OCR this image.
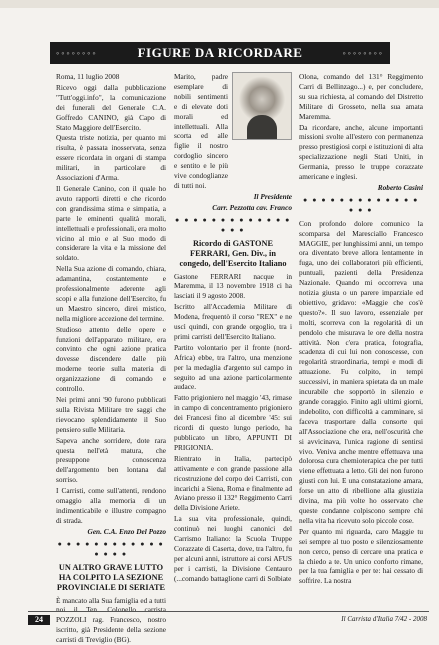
◦◦◦◦◦◦◦◦	FIGURE DA RICORDARE	◦◦◦◦◦◦◦◦

Roma, 11 luglio 2008

Ricevo oggi dalla pubblicazione "Tutt'oggi.info", la comunicazione dei funerali del Generale C.A. Goffredo CANINO, già Capo di Stato Maggiore dell'Esercito.

Questa triste notizia, per quanto mi risulta, è passata inosservata, senza essere ricordata in organi di stampa militari, in particolare di Associazioni d'Arma.

Il Generale Canino, con il quale ho avuto rapporti diretti e che ricordo con grandissima stima e simpatia, a parte le eminenti qualità morali, intellettuali e professionali, era molto vicino al mio e al Suo modo di considerare la vita e la missione del soldato.

Nella Sua azione di comando, chiara, adamantina, costantemente e professionalmente aderente agli scopi e alla funzione dell'Esercito, fu un Maestro sincero, direi mistico, nella migliore accezione del termine.

Studioso attento delle opere e funzioni dell'apparato militare, era convinto che ogni azione pratica dovesse discendere dalle più moderne teorie sulla materia di organizzazione di comando e controllo.

Nei primi anni '90 furono pubblicati sulla Rivista Militare tre saggi che rievocano splendidamente il Suo pensiero sulle Militaria.

Sapeva anche sorridere, dote rara questa nell'età matura, che presuppone conoscenza dell'argomento ben lontana dal sorriso.

I Carristi, come sull'attenti, rendono omaggio alla memoria di un indimenticabile e illustre compagno di strada.

Gen. C.A. Enzo Del Pozzo

● ● ● ● ● ● ● ● ● ● ● ● ● ● ● ●
UN ALTRO GRAVE LUTTO HA COLPITO LA SEZIONE PROVINCIALE DI SERIATE

È mancato alla Sua famiglia ed a tutti noi il Ten. Colonello carrista POZZOLI rag. Francesco, nostro iscritto, già Presidente della sezione carristi di Treviglio (BG).

Marito, padre esemplare di nobili sentimenti e di elevate doti morali ed intellettuali. Alla scorta ed alle figlie il nostro cordoglio sincero e sentito e le più vive condoglianze di tutti noi.

Il Presidente

Carr. Pezzotta cav. Franco

● ● ● ● ● ● ● ● ● ● ● ● ● ● ● ●
Ricordo di GASTONE FERRARI, Gen. Div., in congedo, dell'Esercito Italiano

Gastone FERRARI nacque in Maremma, il 13 novembre 1918 ci ha lasciati il 9 agosto 2008.

Iscritto all'Accademia Militare di Modena, frequentò il corso "REX" e ne uscì quindi, con grande orgoglio, tra i primi carristi dell'Esercito Italiano.

Partito volontario per il fronte (nord-Africa) ebbe, tra l'altro, una menzione per la medaglia d'argento sul campo in seguito ad una azione particolarmente audace.

Fatto prigioniero nel maggio '43, rimase in campo di concentramento prigioniero dei Francesi fino al dicembre '45: sui ricordi di questo lungo periodo, ha pubblicato un libro, APPUNTI DI PRIGIONIA.

Rientrato in Italia, partecipò attivamente e con grande passione alla ricostruzione del corpo dei Carristi, con incarichi a Siena, Roma e finalmente ad Aviano presso il 132° Reggimento Carri della Divisione Ariete.

La sua vita professionale, quindi, continuò nei luoghi canonici del Carrismo Italiano: la Scuola Truppe Corazzate di Caserta, dove, tra l'altro, fu per alcuni anni, istruttore ai corsi AFUS per i carristi, la Divisione Centauro (...comando battaglione carri di Solbiate

Olona, comando del 131° Reggimento Carri di Bellinzago...) e, per concludere, su sua richiesta, al comando del Distretto Militare di Grosseto, nella sua amata Maremma.

Da ricordare, anche, alcune importanti missioni svolte all'estero con permanenza presso prestigiosi corpi e istituzioni di alta specializzazione negli Stati Uniti, in Germania, presso le truppe corazzate americane e inglesi.

Roberto Casini

● ● ● ● ● ● ● ● ● ● ● ● ● ● ● ●

Con profondo dolore comunico la scomparsa del Maresciallo Francesco MAGGIE, per lunghissimi anni, un tempo ora diventato breve allora lentamente in fuga, uno dei collaboratori più efficienti, puntuali, pazienti della Presidenza Nazionale. Quando mi occorreva una notizia giusta o un parere imparziale ed obiettivo, gridavo: «Maggie che cos'è questo?». Il suo lavoro, essenziale per molti, scorreva con la regolarità di un pendolo che misurava le ore della nostra attività. Non c'era pratica, fotografia, scadenza di cui lui non conoscesse, con regolarità straordinaria, tempi e modi di attuazione. Fu colpito, in tempi successivi, in maniera spietata da un male incurabile che sopportò in silenzio e grande coraggio. Finito agli ultimi giorni, indebolito, con difficoltà a camminare, si faceva trasportare dalla consorte qui all'Associazione che era, nell'oscurità che si avvicinava, l'unica ragione di sentirsi vivo. Veniva anche mentre effettuava una dolorosa cura chemioterapica che per tutti viene effettuata a letto. Gli dei non furono giusti con lui. E una constatazione amara, forse un atto di ribellione alla giustizia divina, ma più volte ho osservato che queste condanne colpiscono sempre chi nella vita ha ricevuto solo piccole cose.

Per quanto mi riguarda, caro Maggie tu sei sempre al tuo posto e silenziosamente non cerco, penso di cercare una pratica e la chiedo a te. Un unico conforto rimane, per la tua famiglia e per te: hai cessato di soffrire. La nostra

24	Il Carrista d'Italia 7/42 - 2008
